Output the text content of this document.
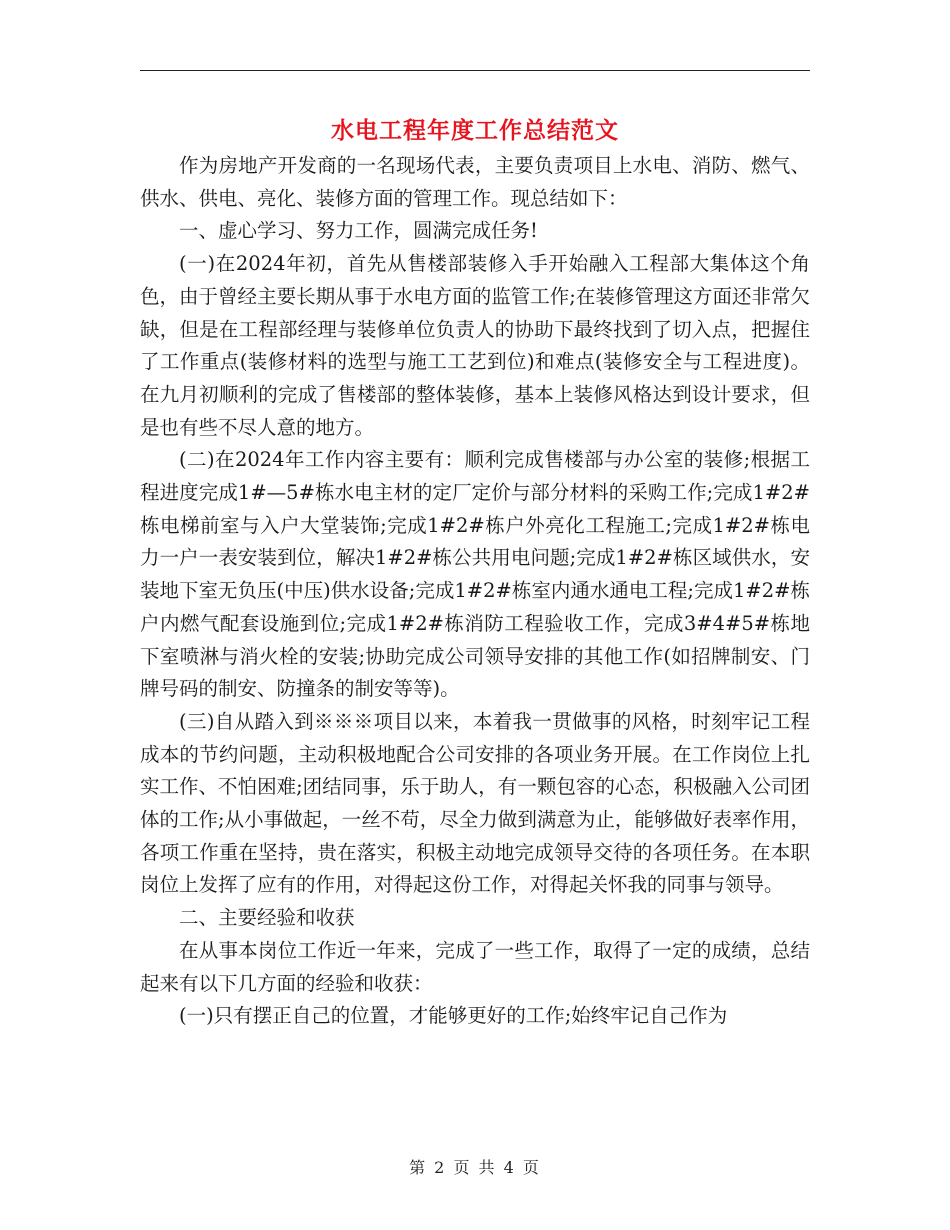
水电工程年度工作总结范文

作为房地产开发商的一名现场代表，主要负责项目上水电、消防、燃气、供水、供电、亮化、装修方面的管理工作。现总结如下：

一、虚心学习、努力工作，圆满完成任务!

(一)在2024年初，首先从售楼部装修入手开始融入工程部大集体这个角色，由于曾经主要长期从事于水电方面的监管工作;在装修管理这方面还非常欠缺，但是在工程部经理与装修单位负责人的协助下最终找到了切入点，把握住了工作重点(装修材料的选型与施工工艺到位)和难点(装修安全与工程进度)。在九月初顺利的完成了售楼部的整体装修，基本上装修风格达到设计要求，但是也有些不尽人意的地方。

(二)在2024年工作内容主要有：顺利完成售楼部与办公室的装修;根据工程进度完成1#—5#栋水电主材的定厂定价与部分材料的采购工作;完成1#2#栋电梯前室与入户大堂装饰;完成1#2#栋户外亮化工程施工;完成1#2#栋电力一户一表安装到位，解决1#2#栋公共用电问题;完成1#2#栋区域供水，安装地下室无负压(中压)供水设备;完成1#2#栋室内通水通电工程;完成1#2#栋户内燃气配套设施到位;完成1#2#栋消防工程验收工作，完成3#4#5#栋地下室喷淋与消火栓的安装;协助完成公司领导安排的其他工作(如招牌制安、门牌号码的制安、防撞条的制安等等)。

(三)自从踏入到※※※项目以来，本着我一贯做事的风格，时刻牢记工程成本的节约问题，主动积极地配合公司安排的各项业务开展。在工作岗位上扎实工作、不怕困难;团结同事，乐于助人，有一颗包容的心态，积极融入公司团体的工作;从小事做起，一丝不苟，尽全力做到满意为止，能够做好表率作用，各项工作重在坚持，贵在落实，积极主动地完成领导交待的各项任务。在本职岗位上发挥了应有的作用，对得起这份工作，对得起关怀我的同事与领导。

二、主要经验和收获

在从事本岗位工作近一年来，完成了一些工作，取得了一定的成绩，总结起来有以下几方面的经验和收获：

(一)只有摆正自己的位置，才能够更好的工作;始终牢记自己作为

第 2 页 共 4 页
